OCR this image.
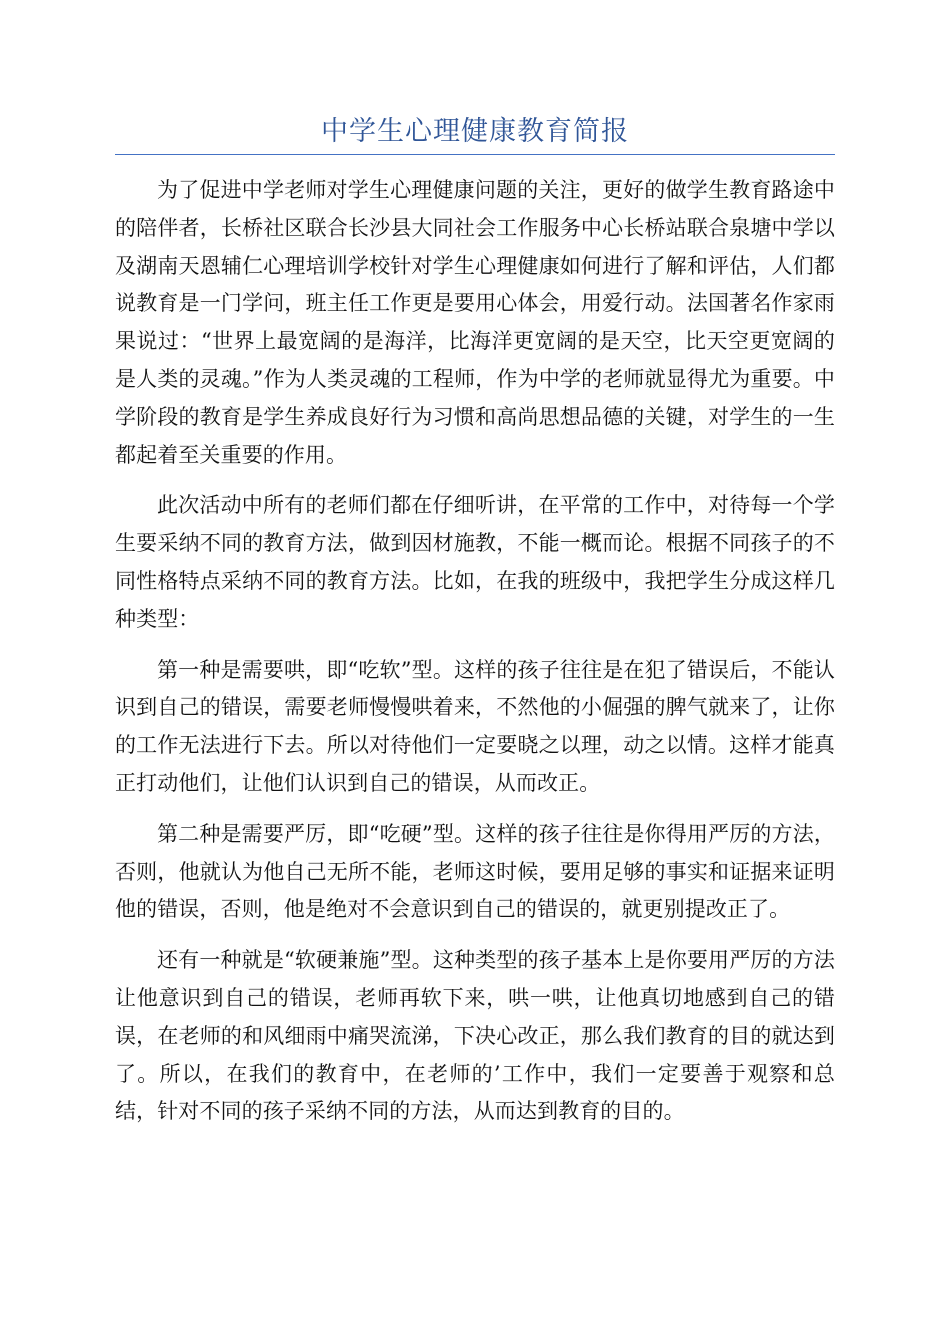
中学生心理健康教育简报

为了促进中学老师对学生心理健康问题的关注，更好的做学生教育路途中的陪伴者，长桥社区联合长沙县大同社会工作服务中心长桥站联合泉塘中学以及湖南天恩辅仁心理培训学校针对学生心理健康如何进行了解和评估，人们都说教育是一门学问，班主任工作更是要用心体会，用爱行动。法国著名作家雨果说过：“世界上最宽阔的是海洋，比海洋更宽阔的是天空，比天空更宽阔的是人类的灵魂。”作为人类灵魂的工程师，作为中学的老师就显得尤为重要。中学阶段的教育是学生养成良好行为习惯和高尚思想品德的关键，对学生的一生都起着至关重要的作用。

此次活动中所有的老师们都在仔细听讲，在平常的工作中，对待每一个学生要采纳不同的教育方法，做到因材施教，不能一概而论。根据不同孩子的不同性格特点采纳不同的教育方法。比如，在我的班级中，我把学生分成这样几种类型：

第一种是需要哄，即“吃软”型。这样的孩子往往是在犯了错误后，不能认识到自己的错误，需要老师慢慢哄着来，不然他的小倔强的脾气就来了，让你的工作无法进行下去。所以对待他们一定要晓之以理，动之以情。这样才能真正打动他们，让他们认识到自己的错误，从而改正。

第二种是需要严厉，即“吃硬”型。这样的孩子往往是你得用严厉的方法，否则，他就认为他自己无所不能，老师这时候，要用足够的事实和证据来证明他的错误，否则，他是绝对不会意识到自己的错误的，就更别提改正了。

还有一种就是“软硬兼施”型。这种类型的孩子基本上是你要用严厉的方法让他意识到自己的错误，老师再软下来，哄一哄，让他真切地感到自己的错误，在老师的和风细雨中痛哭流涕，下决心改正，那么我们教育的目的就达到了。所以，在我们的教育中，在老师的’工作中，我们一定要善于观察和总结，针对不同的孩子采纳不同的方法，从而达到教育的目的。
